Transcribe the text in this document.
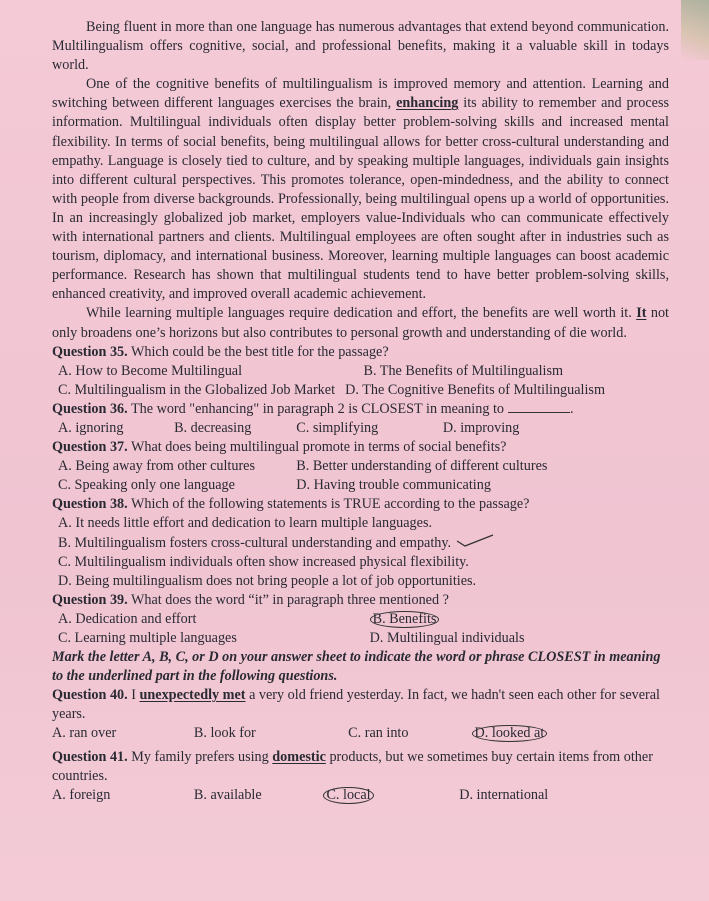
Being fluent in more than one language has numerous advantages that extend beyond communication. Multilingualism offers cognitive, social, and professional benefits, making it a valuable skill in todays world.

One of the cognitive benefits of multilingualism is improved memory and attention. Learning and switching between different languages exercises the brain, enhancing its ability to remember and process information. Multilingual individuals often display better problem-solving skills and increased mental flexibility. In terms of social benefits, being multilingual allows for better cross-cultural understanding and empathy. Language is closely tied to culture, and by speaking multiple languages, individuals gain insights into different cultural perspectives. This promotes tolerance, open-mindedness, and the ability to connect with people from diverse backgrounds. Professionally, being multilingual opens up a world of opportunities. In an increasingly globalized job market, employers value-Individuals who can communicate effectively with international partners and clients. Multilingual employees are often sought after in industries such as tourism, diplomacy, and international business. Moreover, learning multiple languages can boost academic performance. Research has shown that multilingual students tend to have better problem-solving skills, enhanced creativity, and improved overall academic achievement.

While learning multiple languages require dedication and effort, the benefits are well worth it. It not only broadens one’s horizons but also contributes to personal growth and understanding of die world.

Question 35. Which could be the best title for the passage?

A. How to Become Multilingual	B. The Benefits of Multilingualism
C. Multilingualism in the Globalized Job Market D. The Cognitive Benefits of Multilingualism

Question 36. The word "enhancing" in paragraph 2 is CLOSEST in meaning to	.

A. ignoring	B. decreasing	C. simplifying	D. improving

Question 37. What does being multilingual promote in terms of social benefits?

A. Being away from other cultures	B. Better understanding of different cultures
C. Speaking only one language	D. Having trouble communicating

Question 38. Which of the following statements is TRUE according to the passage?

A. It needs little effort and dedication to learn multiple languages.
B. Multilingualism fosters cross-cultural understanding and empathy.
C. Multilingualism individuals often show increased physical flexibility.
D. Being multilingualism does not bring people a lot of job opportunities.

Question 39. What does the word “it” in paragraph three mentioned ?

A. Dedication and effort	B. Benefits
C. Learning multiple languages	D. Multilingual individuals

Mark the letter A, B, C, or D on your answer sheet to indicate the word or phrase CLOSEST in meaning to the underlined part in the following questions.

Question 40. I unexpectedly met a very old friend yesterday. In fact, we hadn't seen each other for several years.

A. ran over	B. look for	C. ran into	D. looked at

Question 41. My family prefers using domestic products, but we sometimes buy certain items from other countries.

A. foreign	B. available	C. local	D. international
